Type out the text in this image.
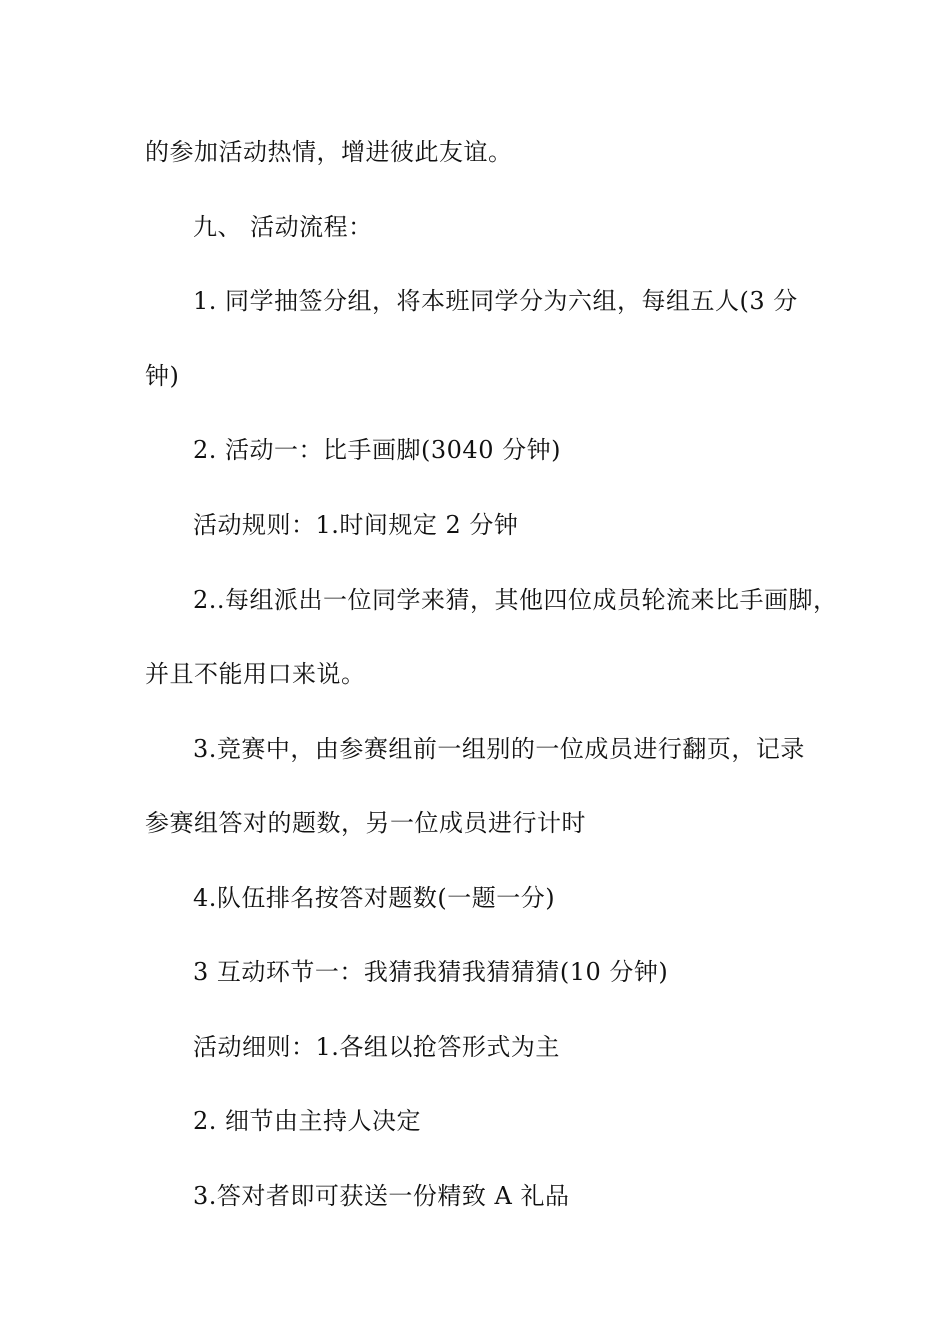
的参加活动热情，增进彼此友谊。
九、 活动流程：
1. 同学抽签分组，将本班同学分为六组，每组五人(3 分
钟)
2. 活动一：比手画脚(3040 分钟)
活动规则：1.时间规定 2 分钟
2..每组派出一位同学来猜，其他四位成员轮流来比手画脚，
并且不能用口来说。
3.竞赛中，由参赛组前一组别的一位成员进行翻页，记录
参赛组答对的题数，另一位成员进行计时
4.队伍排名按答对题数(一题一分)
3 互动环节一：我猜我猜我猜猜猜(10 分钟)
活动细则：1.各组以抢答形式为主
2. 细节由主持人决定
3.答对者即可获送一份精致 A 礼品
